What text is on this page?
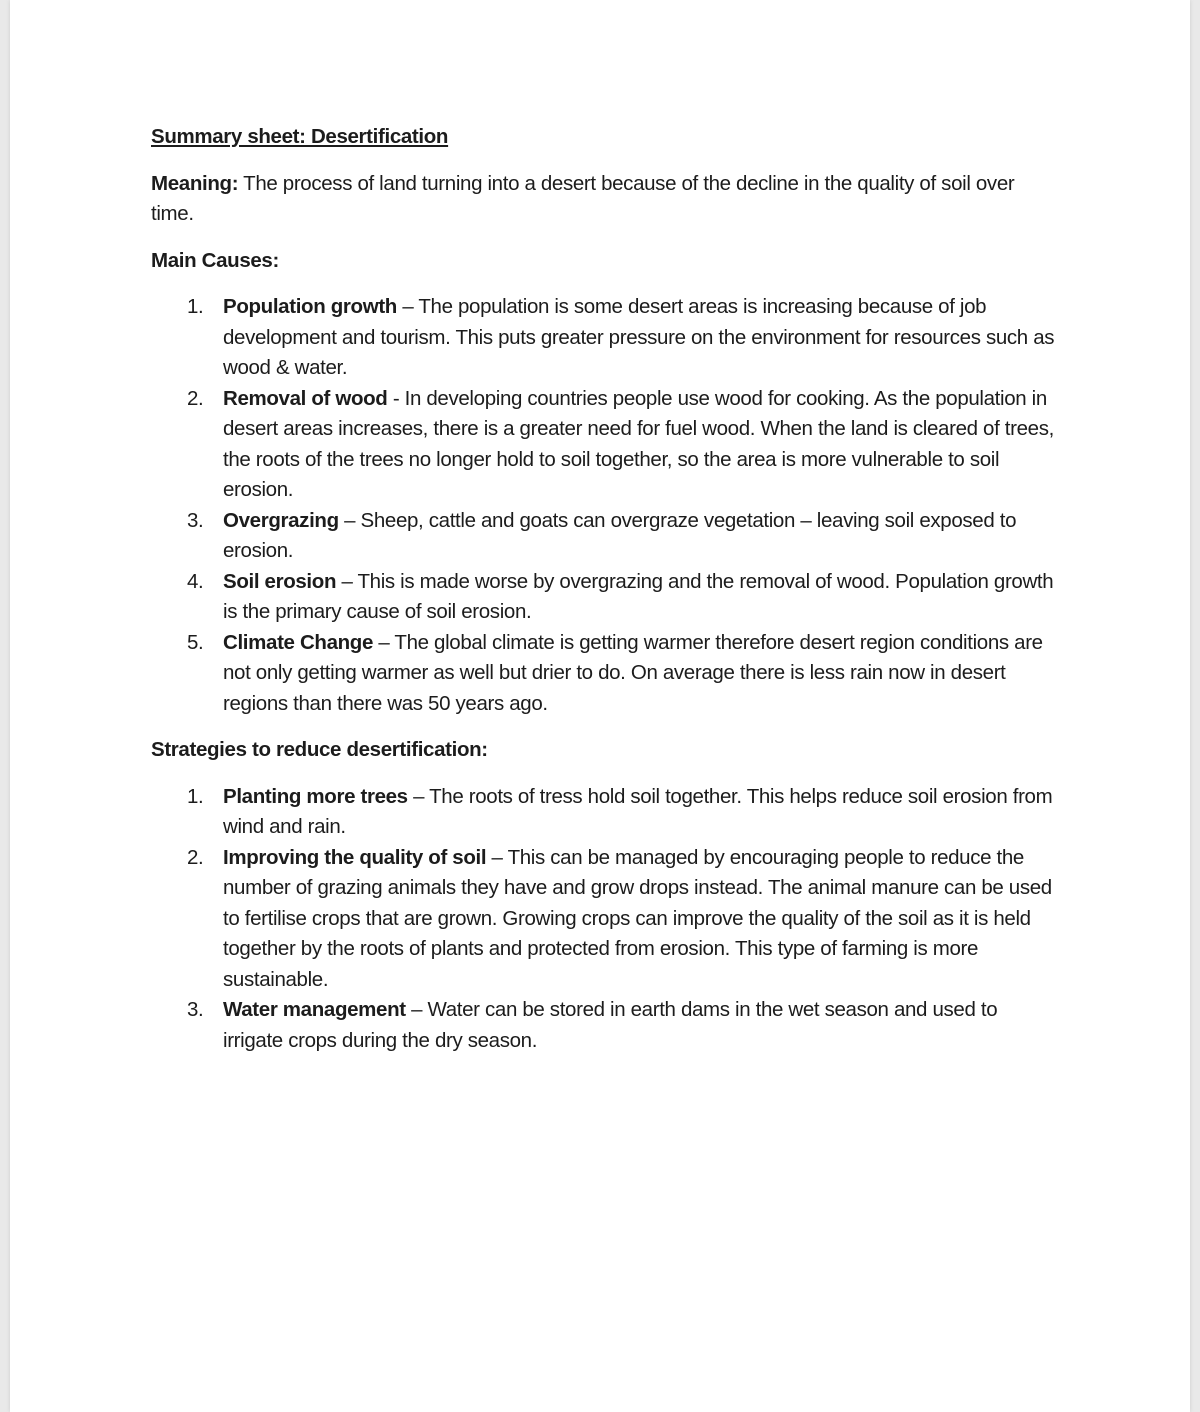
Summary sheet: Desertification

Meaning: The process of land turning into a desert because of the decline in the quality of soil over time.

Main Causes:

1. Population growth – The population is some desert areas is increasing because of job development and tourism. This puts greater pressure on the environment for resources such as wood & water.
2. Removal of wood - In developing countries people use wood for cooking. As the population in desert areas increases, there is a greater need for fuel wood. When the land is cleared of trees, the roots of the trees no longer hold to soil together, so the area is more vulnerable to soil erosion.
3. Overgrazing – Sheep, cattle and goats can overgraze vegetation – leaving soil exposed to erosion.
4. Soil erosion – This is made worse by overgrazing and the removal of wood. Population growth is the primary cause of soil erosion.
5. Climate Change – The global climate is getting warmer therefore desert region conditions are not only getting warmer as well but drier to do. On average there is less rain now in desert regions than there was 50 years ago.

Strategies to reduce desertification:

1. Planting more trees – The roots of tress hold soil together. This helps reduce soil erosion from wind and rain.
2. Improving the quality of soil – This can be managed by encouraging people to reduce the number of grazing animals they have and grow drops instead. The animal manure can be used to fertilise crops that are grown. Growing crops can improve the quality of the soil as it is held together by the roots of plants and protected from erosion. This type of farming is more sustainable.
3. Water management – Water can be stored in earth dams in the wet season and used to irrigate crops during the dry season.
